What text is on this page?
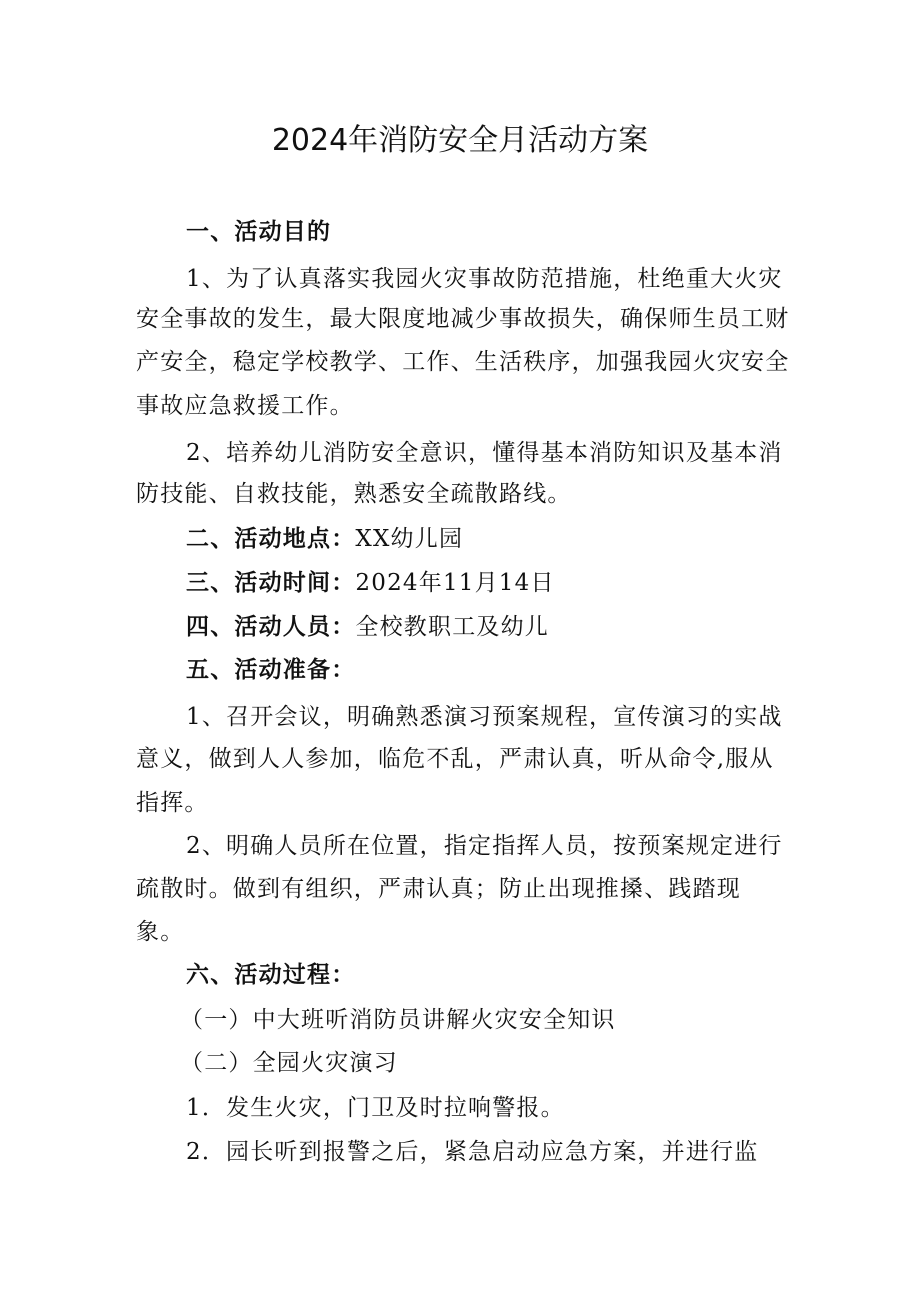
2024年消防安全月活动方案
一、活动目的
1、为了认真落实我园火灾事故防范措施，杜绝重大火灾
安全事故的发生，最大限度地减少事故损失，确保师生员工财
产安全，稳定学校教学、工作、生活秩序，加强我园火灾安全
事故应急救援工作。
2、培养幼儿消防安全意识，懂得基本消防知识及基本消
防技能、自救技能，熟悉安全疏散路线。
二、活动地点：XX幼儿园
三、活动时间：2024年11月14日
四、活动人员：全校教职工及幼儿
五、活动准备：
1、召开会议，明确熟悉演习预案规程，宣传演习的实战
意义，做到人人参加，临危不乱，严肃认真，听从命令,服从
指挥。
2、明确人员所在位置，指定指挥人员，按预案规定进行
疏散时。做到有组织，严肃认真；防止出现推搡、践踏现
象。
六、活动过程：
（一）中大班听消防员讲解火灾安全知识
（二）全园火灾演习
1．发生火灾，门卫及时拉响警报。
2．园长听到报警之后，紧急启动应急方案，并进行监
